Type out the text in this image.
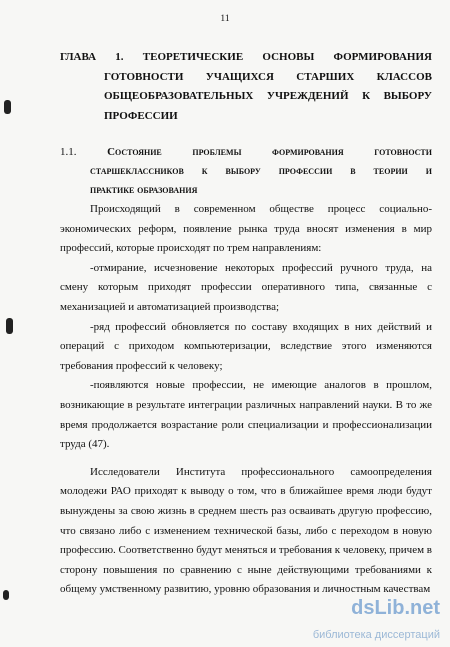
11
ГЛАВА 1. ТЕОРЕТИЧЕСКИЕ ОСНОВЫ ФОРМИРОВАНИЯ
ГОТОВНОСТИ УЧАЩИХСЯ СТАРШИХ КЛАССОВ
ОБЩЕОБРАЗОВАТЕЛЬНЫХ УЧРЕЖДЕНИЙ К ВЫБОРУ
ПРОФЕССИИ
1.1.	Состояние	проблемы	формирования	готовности
старшеклассников к выбору профессии в теории и
практике образования

Происходящий в современном обществе процесс социально-экономических реформ, появление рынка труда вносят изменения в мир профессий, которые происходят по трем направлениям:

-отмирание, исчезновение некоторых профессий ручного труда, на смену которым приходят профессии оперативного типа, связанные с механизацией и автоматизацией производства;

-ряд профессий обновляется по составу входящих в них действий и операций с приходом компьютеризации, вследствие этого изменяются требования профессий к человеку;

-появляются новые профессии, не имеющие аналогов в прошлом, возникающие в результате интеграции различных направлений науки. В то же время продолжается возрастание роли специализации и профессионализации труда (47).

Исследователи Института профессионального самоопределения молодежи РАО приходят к выводу о том, что в ближайшее время люди будут вынуждены за свою жизнь в среднем шесть раз осваивать другую профессию, что связано либо с изменением технической базы, либо с переходом в новую профессию. Соответственно будут меняться и требования к человеку, причем в сторону повышения по сравнению с ныне действующими требованиями к общему умственному развитию, уровню образования и личностным качествам

dsLib.net
библиотека диссертаций
